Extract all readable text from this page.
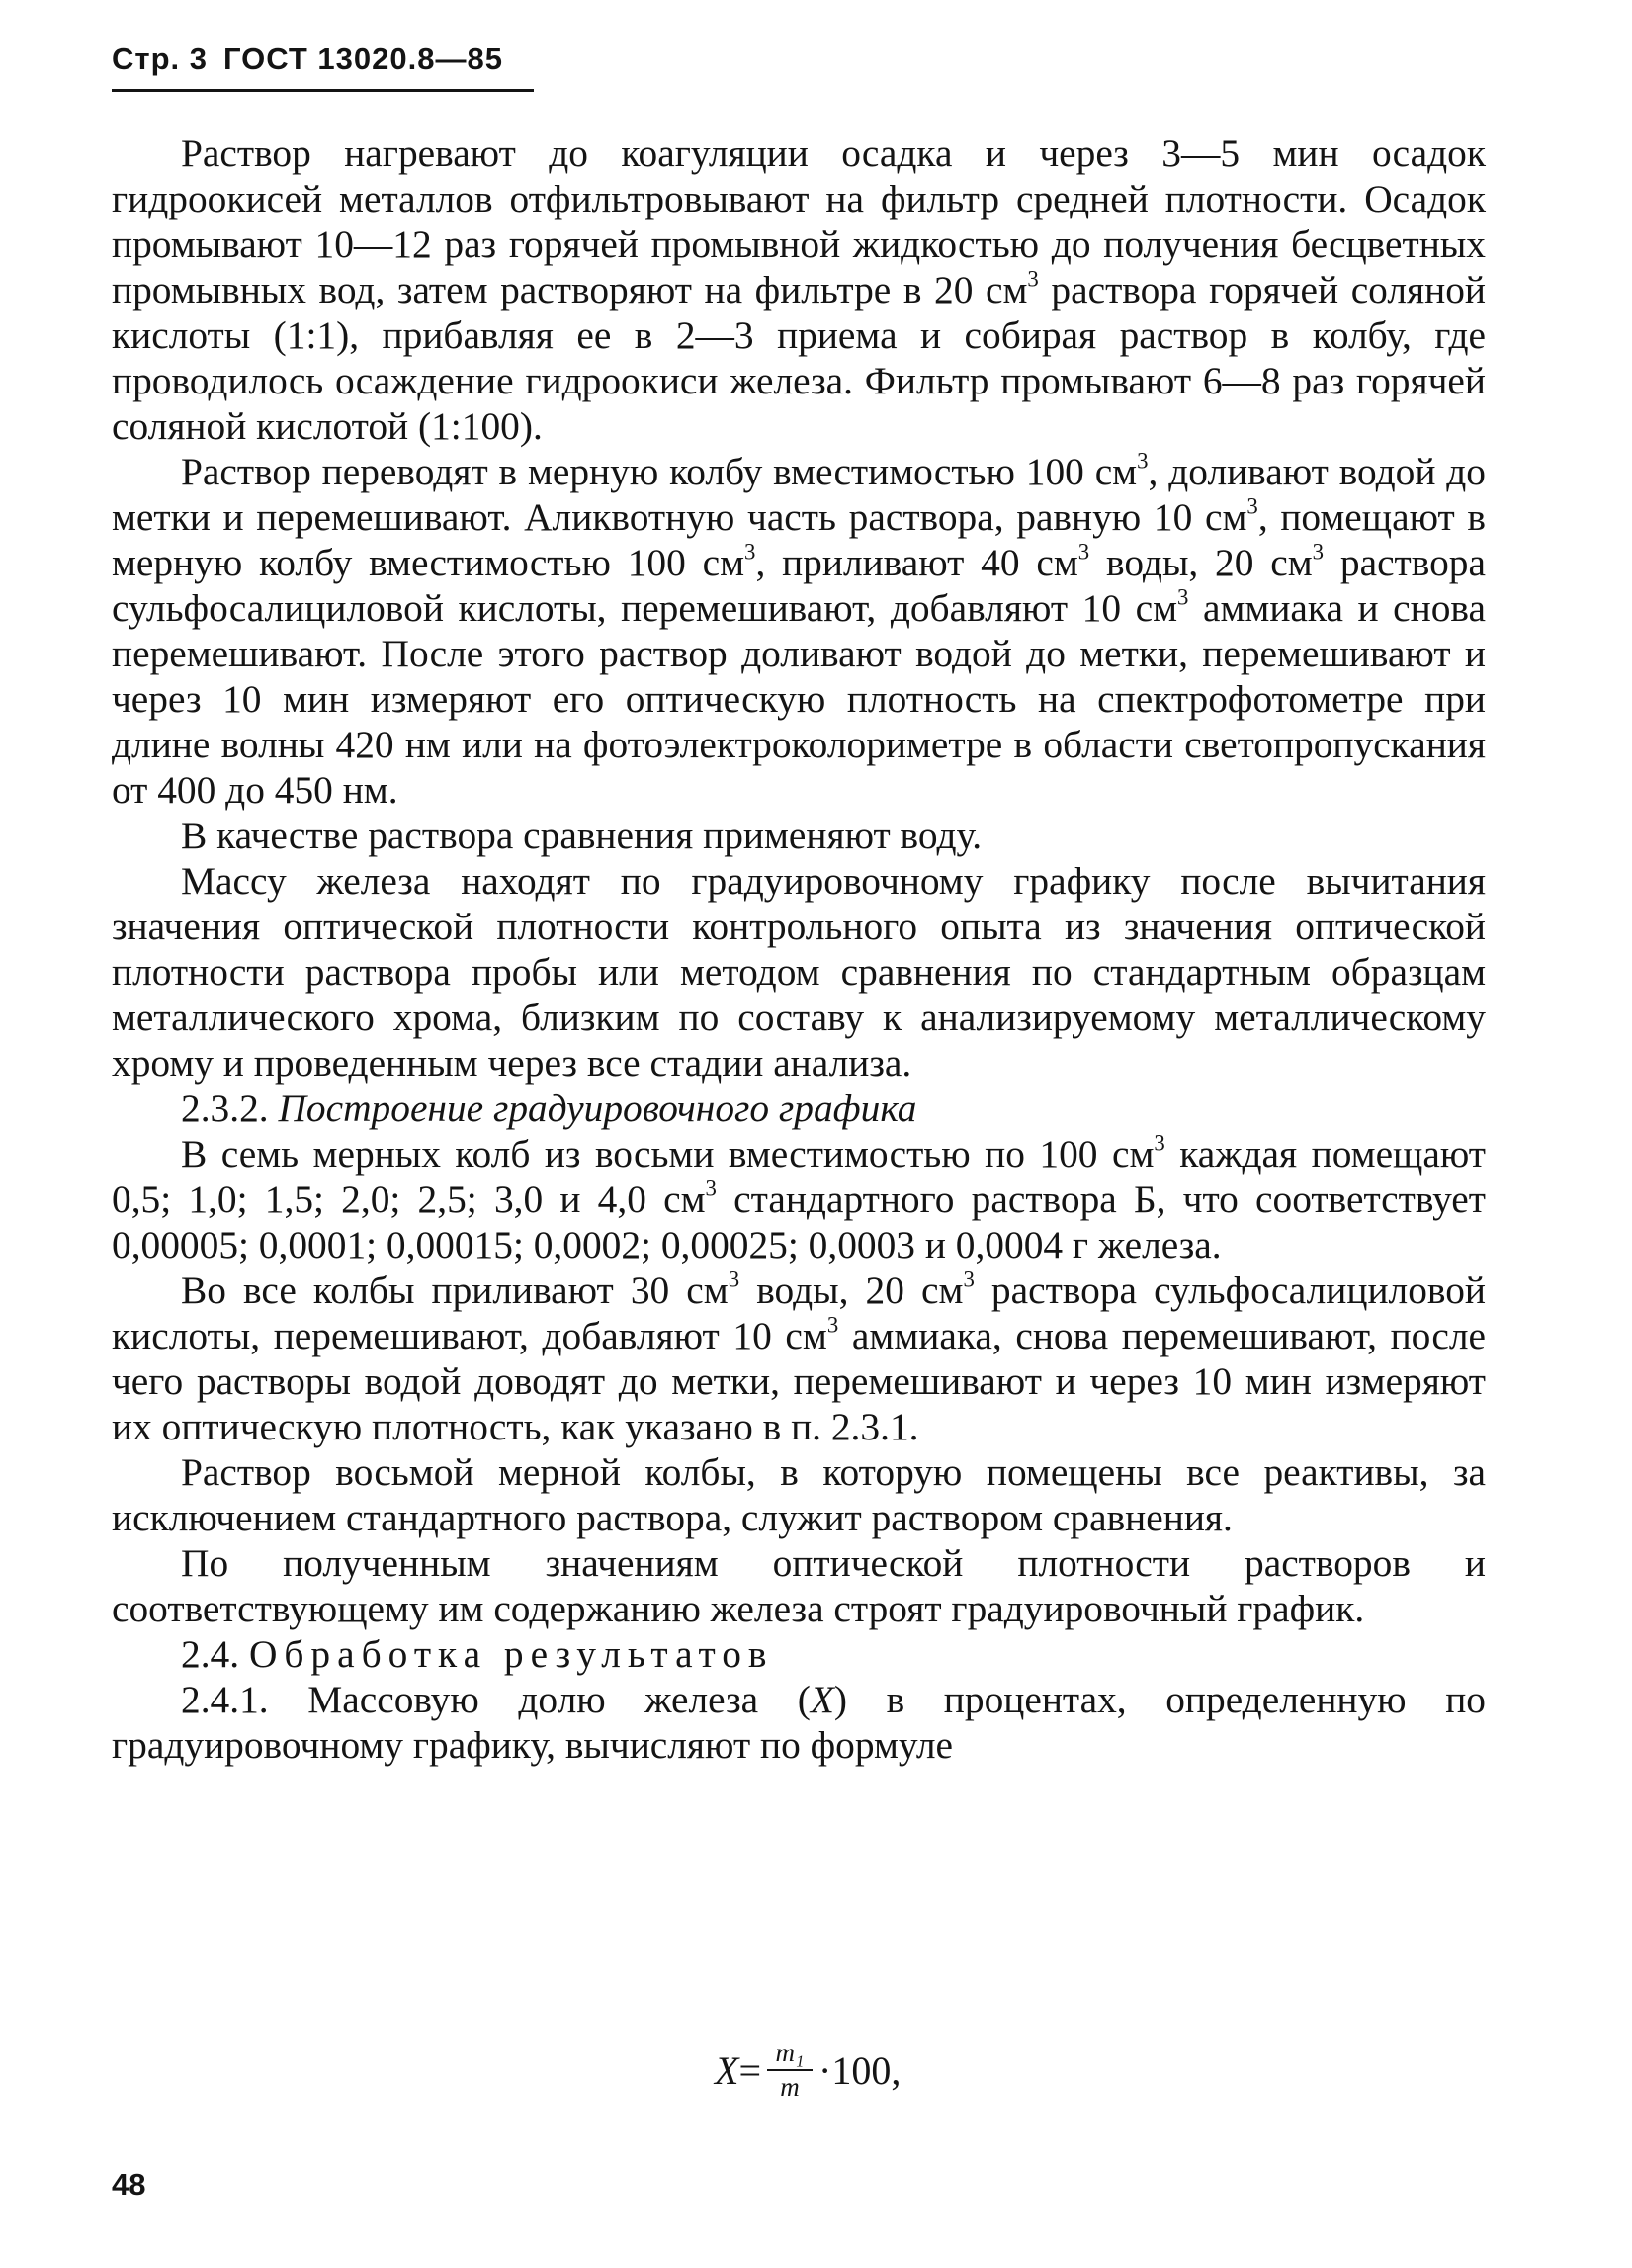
Стр. 3 ГОСТ 13020.8—85

Раствор нагревают до коагуляции осадка и через 3—5 мин осадок гидроокисей металлов отфильтровывают на фильтр средней плотности. Осадок промывают 10—12 раз горячей промывной жидкостью до получения бесцветных промывных вод, затем растворяют на фильтре в 20 $см^3$ раствора горячей соляной кислоты (1:1), прибавляя ее в 2—3 приема и собирая раствор в колбу, где проводилось осаждение гидроокиси железа. Фильтр промывают 6—8 раз горячей соляной кислотой (1:100).

Раствор переводят в мерную колбу вместимостью 100 $см^3$, доливают водой до метки и перемешивают. Аликвотную часть раствора, равную 10 $см^3$, помещают в мерную колбу вместимостью 100 $см^3$, приливают 40 $см^3$ воды, 20 $см^3$ раствора сульфосалициловой кислоты, перемешивают, добавляют 10 $см^3$ аммиака и снова перемешивают. После этого раствор доливают водой до метки, перемешивают и через 10 мин измеряют его оптическую плотность на спектрофотометре при длине волны 420 нм или на фотоэлектроколориметре в области светопропускания от 400 до 450 нм.

В качестве раствора сравнения применяют воду.

Массу железа находят по градуировочному графику после вычитания значения оптической плотности контрольного опыта из значения оптической плотности раствора пробы или методом сравнения по стандартным образцам металлического хрома, близким по составу к анализируемому металлическому хрому и проведенным через все стадии анализа.

2.3.2. Построение градуировочного графика

В семь мерных колб из восьми вместимостью по 100 $см^3$ каждая помещают 0,5; 1,0; 1,5; 2,0; 2,5; 3,0 и 4,0 $см^3$ стандартного раствора Б, что соответствует 0,00005; 0,0001; 0,00015; 0,0002; 0,00025; 0,0003 и 0,0004 г железа.

Во все колбы приливают 30 $см^3$ воды, 20 $см^3$ раствора сульфосалициловой кислоты, перемешивают, добавляют 10 $см^3$ аммиака, снова перемешивают, после чего растворы водой доводят до метки, перемешивают и через 10 мин измеряют их оптическую плотность, как указано в п. 2.3.1.

Раствор восьмой мерной колбы, в которую помещены все реактивы, за исключением стандартного раствора, служит раствором сравнения.

По полученным значениям оптической плотности растворов и соответствующему им содержанию железа строят градуировочный график.

2.4. Обработка результатов

2.4.1. Массовую долю железа (X) в процентах, определенную по градуировочному графику, вычисляют по формуле

$X = \frac{\text{m₁}}{m} \cdot 100$,
48
